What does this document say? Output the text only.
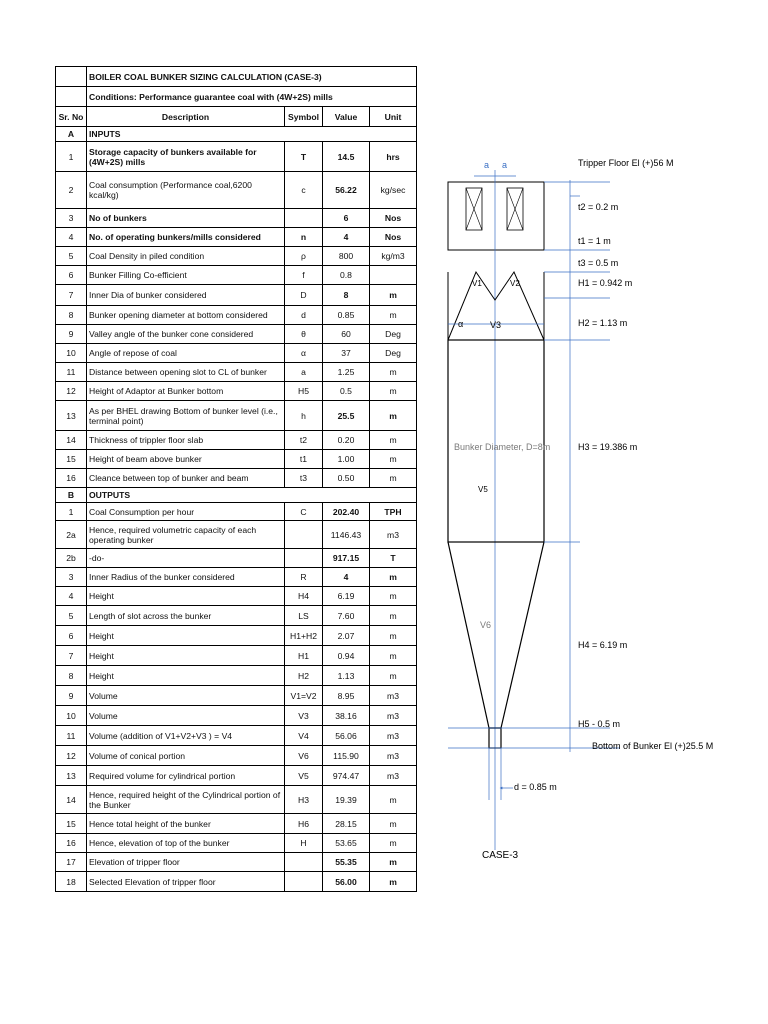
	BOILER COAL BUNKER SIZING CALCULATION (CASE-3)			
	Conditions: Performance guarantee coal with (4W+2S) mills			
Sr. No	Description	Symbol	Value	Unit
A	INPUTS			
1	Storage capacity of bunkers available for (4W+2S) mills	T	14.5	hrs
2	Coal consumption (Performance coal,6200 kcal/kg)	c	56.22	kg/sec
3	No of bunkers		6	Nos
4	No. of operating bunkers/mills considered	n	4	Nos
5	Coal Density in piled condition	ρ	800	kg/m3
6	Bunker Filling Co-efficient	f	0.8	
7	Inner Dia of bunker considered	D	8	m
8	Bunker opening diameter at bottom considered	d	0.85	m
9	Valley angle of the bunker cone considered	θ	60	Deg
10	Angle of repose of coal	α	37	Deg
11	Distance between opening slot to CL of bunker	a	1.25	m
12	Height of Adaptor at Bunker bottom	H5	0.5	m
13	As per BHEL drawing Bottom of bunker level (i.e., terminal point)	h	25.5	m
14	Thickness of trippler floor slab	t2	0.20	m
15	Height of beam above bunker	t1	1.00	m
16	Cleance between top of bunker and beam	t3	0.50	m
B	OUTPUTS			
1	Coal Consumption per hour	C	202.40	TPH
2a	Hence, required volumetric capacity of each operating bunker		1146.43	m3
2b	-do-		917.15	T
3	Inner Radius of the bunker considered	R	4	m
4	Height	H4	6.19	m
5	Length of slot across the bunker	LS	7.60	m
6	Height	H1+H2	2.07	m
7	Height	H1	0.94	m
8	Height	H2	1.13	m
9	Volume	V1=V2	8.95	m3
10	Volume	V3	38.16	m3
11	Volume (addition of V1+V2+V3 ) = V4	V4	56.06	m3
12	Volume of conical portion	V6	115.90	m3
13	Required volume for cylindrical portion	V5	974.47	m3
14	Hence, required height of the Cylindrical portion of the Bunker	H3	19.39	m
15	Hence total height of the bunker	H6	28.15	m
16	Hence, elevation of top of the bunker	H	53.65	m
17	Elevation of tripper floor		55.35	m
18	Selected Elevation of tripper floor		56.00	m
a a
α
V1	V2
V3
Bunker Diameter, D=8m
V5
V6
d = 0.85 m
Tripper Floor El (+)56 M
t2 = 0.2 m
t1 = 1 m
t3 = 0.5 m
H1 = 0.942 m
H2 = 1.13 m
H3 = 19.386 m
H4 = 6.19 m
H5 - 0.5 m
Bottom of Bunker El (+)25.5 M
CASE-3
